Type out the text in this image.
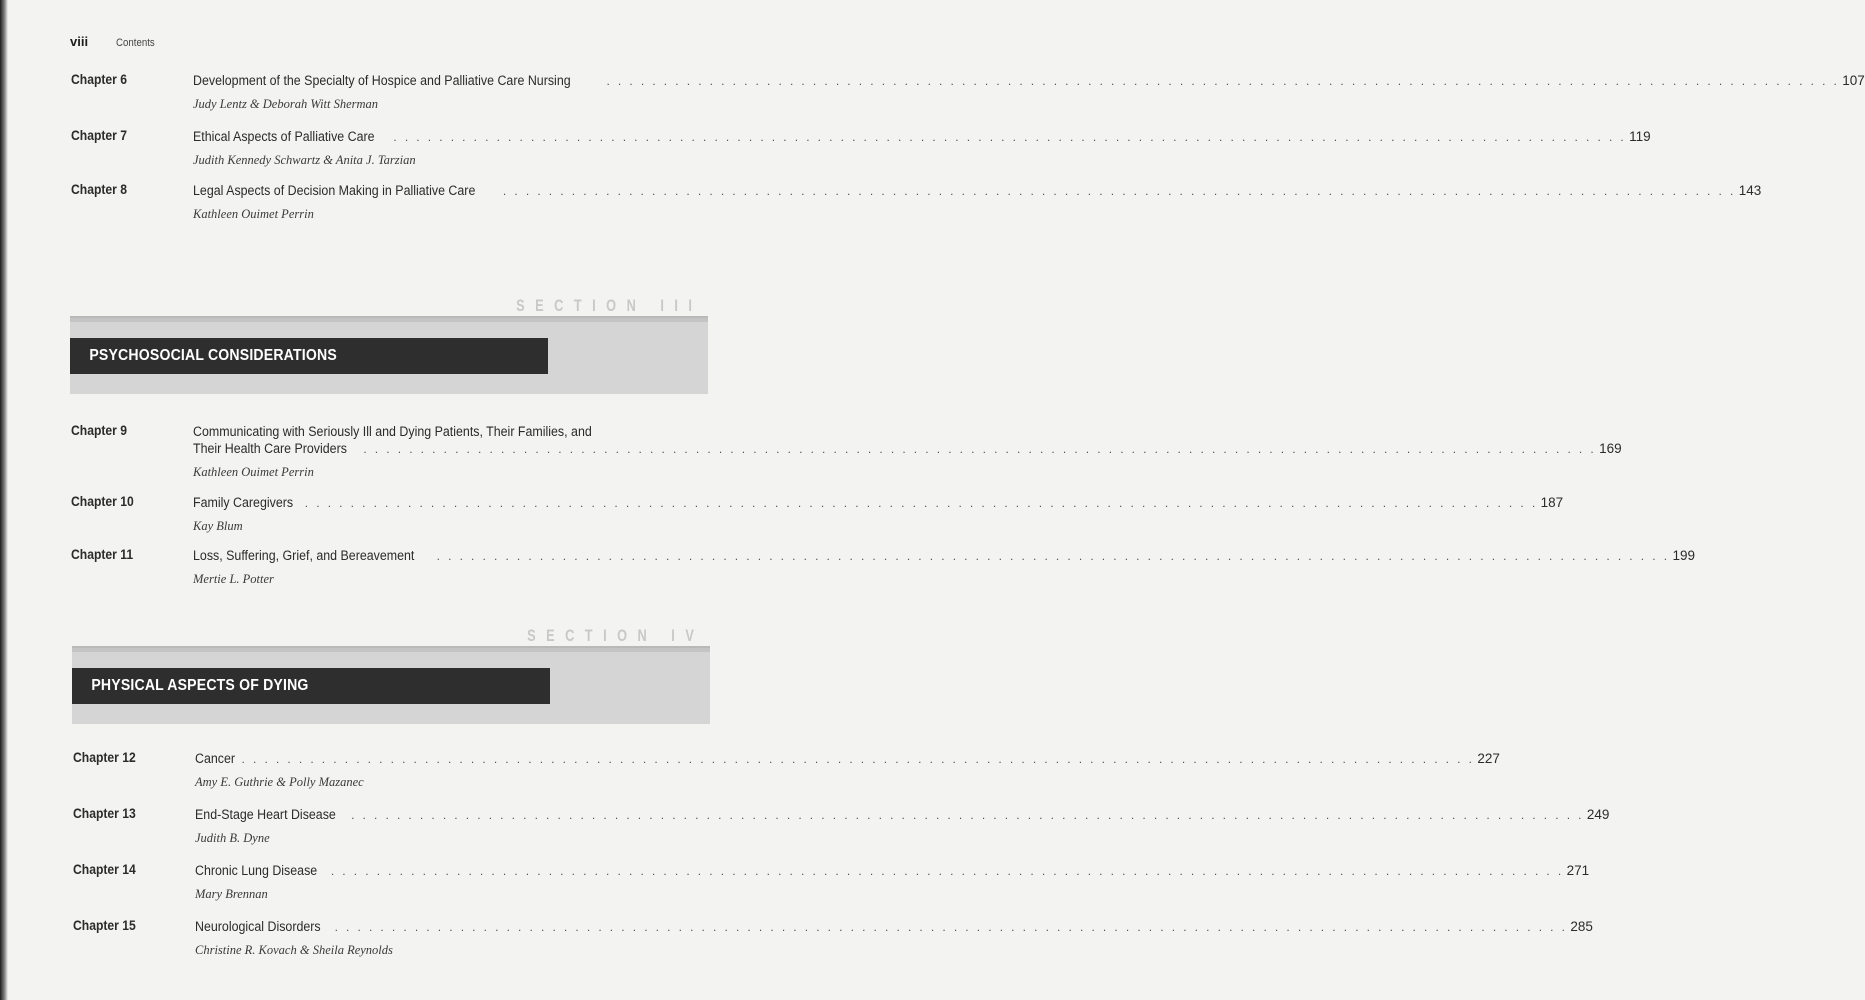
viii	Contents
Chapter 6	Development of the Specialty of Hospice and Palliative Care Nursing . . .	107
Judy Lentz & Deborah Witt Sherman
Chapter 7	Ethical Aspects of Palliative Care . . .	119
Judith Kennedy Schwartz & Anita J. Tarzian
Chapter 8	Legal Aspects of Decision Making in Palliative Care . . .	143
Kathleen Ouimet Perrin
SECTION III
PSYCHOSOCIAL CONSIDERATIONS
Chapter 9	Communicating with Seriously Ill and Dying Patients, Their Families, and
Their Health Care Providers . . .	169
Kathleen Ouimet Perrin
Chapter 10	Family Caregivers . . .	187
Kay Blum
Chapter 11	Loss, Suffering, Grief, and Bereavement . . .	199
Mertie L. Potter
SECTION IV
PHYSICAL ASPECTS OF DYING
Chapter 12	Cancer . . .	227
Amy E. Guthrie & Polly Mazanec
Chapter 13	End-Stage Heart Disease . . .	249
Judith B. Dyne
Chapter 14	Chronic Lung Disease . . .	271
Mary Brennan
Chapter 15	Neurological Disorders . . .	285
Christine R. Kovach & Sheila Reynolds
